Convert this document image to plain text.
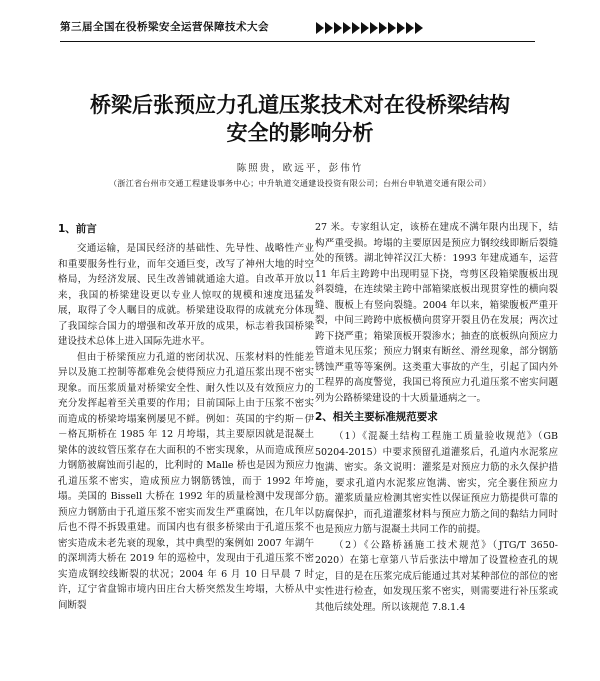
第三届全国在役桥梁安全运营保障技术大会
桥梁后张预应力孔道压浆技术对在役桥梁结构
安全的影响分析
陈照贵，欧远平，彭伟竹
（浙江省台州市交通工程建设事务中心；中升轨道交通建设投资有限公司；台州台申轨道交通有限公司）
1、前言

交通运输，是国民经济的基础性、先导性、战略性产业和重要服务性行业，而年交通巨变，改写了神州大地的时空格局，为经济发展、民生改善铺就通途大道。自改革开放以来，我国的桥梁建设更以专业人惊叹的规模和速度迅猛发展，取得了令人瞩目的成就。桥梁建设取得的成就充分体现了我国综合国力的增强和改革开放的成果，标志着我国桥梁建设技术总体上进入国际先进水平。

但由于桥梁预应力孔道的密闭状况、压浆材料的性能差异以及施工控制等都难免会使得预应力孔道压浆出现不密实现象。而压浆质量对桥梁安全性、耐久性以及有效预应力的充分发挥起着至关重要的作用；目前国际上由于压浆不密实而造成的桥梁垮塌案例屡见不鲜。例如：英国的宇约斯－伊－格瓦斯桥在 1985 年 12 月垮塌，其主要原因就是混凝土梁体的波纹管压浆存在大面积的不密实现象，从而造成预应力钢筋被腐蚀而引起的，比利时的 Malle 桥也是因为预应力孔道压浆不密实，造成预应力钢筋锈蚀，而于 1992 年垮塌。美国的 Bissell 大桥在 1992 年的质量检测中发现部分预应力钢筋由于孔道压浆不密实而发生严重腐蚀，在几年以后也不得不拆毁重建。而国内也有很多桥梁由于孔道压浆不密实造成未老先衰的现象，其中典型的案例如 2007 年湖午的深圳湾大桥在 2019 年的巡检中，发现由于孔道压浆不密实造成钢绞线断裂的状况；2004 年 6 月 10 日早晨 7 时许，辽宁省盘锦市境内田庄台大桥突然发生垮塌，大桥从中间断裂

27 米。专家组认定，该桥在建成不满年限内出现下，结构严重受损。垮塌的主要原因是预应力钢绞线即断后裂缝处的预锈。湖北钟祥汉江大桥：1993 年建成通车，运营 11 年后主跨跨中出现明显下挠，弯剪区段箱梁腹板出现斜裂缝，在连续梁主跨中部箱梁底板出现贯穿性的横向裂缝、腹板上有竖向裂缝。2004 年以来，箱梁腹板严重开裂，中间三跨跨中底板横向贯穿开裂且仍在发展；两次过跨下挠严重；箱梁顶板开裂渗水；抽查的底板纵向预应力管道未见压浆；预应力钢束有断丝、滑丝现象，部分钢筋锈蚀严重等等案例。这类重大事故的产生，引起了国内外工程界的高度警觉，我国已将预应力孔道压浆不密实问题列为公路桥梁建设的十大质量通病之一。

2、相关主要标准规范要求

（1）《混凝土结构工程施工质量验收规范》（GB 50204-2015）中要求预留孔道灌浆后，孔道内水泥浆应饱满、密实。条文说明：灌浆是对预应力筋的永久保护措施，要求孔道内水泥浆应饱满、密实，完全裹住预应力筋。灌浆质量应检测其密实性以保证预应力筋提供可靠的防腐保护，而孔道灌浆材料与预应力筋之间的黏结力同时也是预应力筋与混凝土共同工作的前提。

（2）《公路桥涵施工技术规范》（JTG/T 3650-2020）在第七章第八节后张法中增加了设置检查孔的规定，目的是在压浆完成后能通过其对某种部位的部位的密实性进行检查，如发现压浆不密实，则需要进行补压浆或其他后续处理。所以该规范 7.8.1.4
